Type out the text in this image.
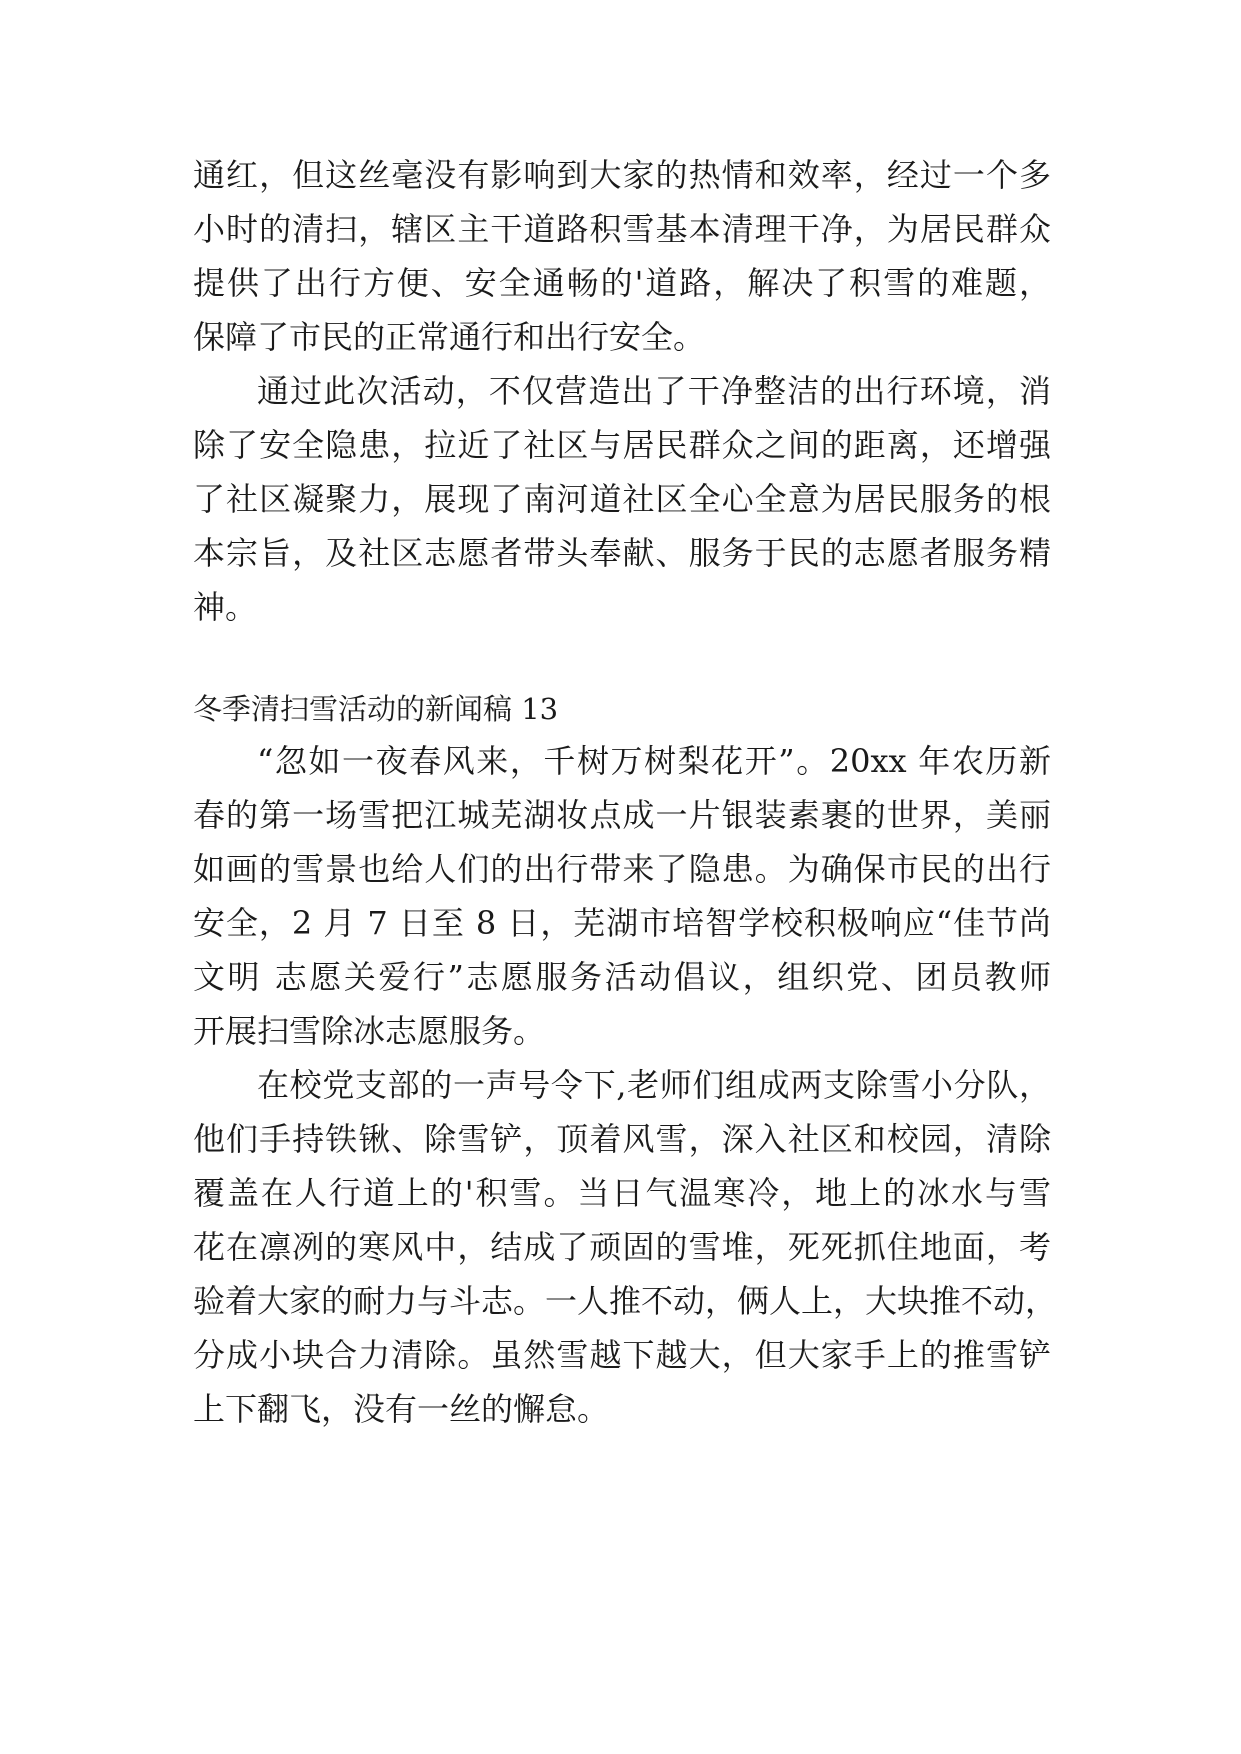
通红，但这丝毫没有影响到大家的热情和效率，经过一个多
小时的清扫，辖区主干道路积雪基本清理干净，为居民群众
提供了出行方便、安全通畅的'道路，解决了积雪的难题，
保障了市民的正常通行和出行安全。
通过此次活动，不仅营造出了干净整洁的出行环境，消
除了安全隐患，拉近了社区与居民群众之间的距离，还增强
了社区凝聚力，展现了南河道社区全心全意为居民服务的根
本宗旨，及社区志愿者带头奉献、服务于民的志愿者服务精
神。
冬季清扫雪活动的新闻稿 13
“忽如一夜春风来，千树万树梨花开”。20xx 年农历新
春的第一场雪把江城芜湖妆点成一片银装素裹的世界，美丽
如画的雪景也给人们的出行带来了隐患。为确保市民的出行
安全，2 月 7 日至 8 日，芜湖市培智学校积极响应“佳节尚
文明 志愿关爱行”志愿服务活动倡议，组织党、团员教师
开展扫雪除冰志愿服务。
在校党支部的一声号令下,老师们组成两支除雪小分队，
他们手持铁锹、除雪铲，顶着风雪，深入社区和校园，清除
覆盖在人行道上的'积雪。当日气温寒冷，地上的冰水与雪
花在凛冽的寒风中，结成了顽固的雪堆，死死抓住地面，考
验着大家的耐力与斗志。一人推不动，俩人上，大块推不动，
分成小块合力清除。虽然雪越下越大，但大家手上的推雪铲
上下翻飞，没有一丝的懈怠。
